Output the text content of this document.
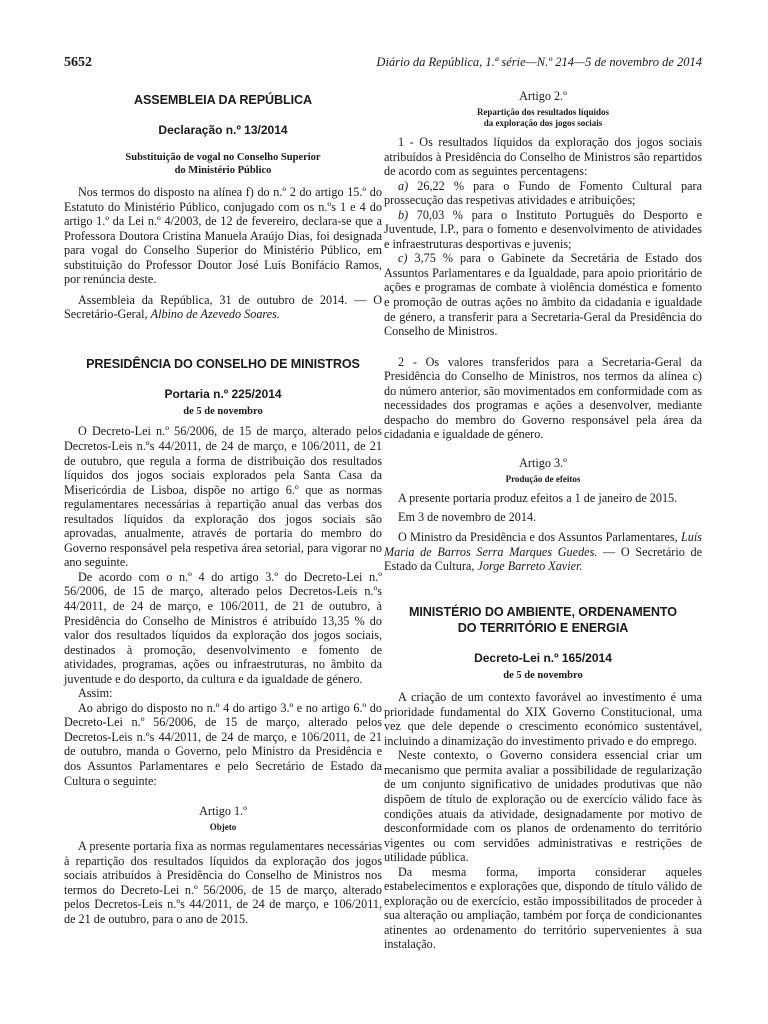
5652	Diário da República, 1.ª série—N.º 214—5 de novembro de 2014
ASSEMBLEIA DA REPÚBLICA
Declaração n.º 13/2014
Substituição de vogal no Conselho Superior
do Ministério Público

Nos termos do disposto na alínea f) do n.º 2 do artigo 15.º do Estatuto do Ministério Público, conjugado com os n.ºs 1 e 4 do artigo 1.º da Lei n.º 4/2003, de 12 de fevereiro, declara-se que a Professora Doutora Cristina Manuela Araújo Dias, foi designada para vogal do Conselho Superior do Ministério Público, em substituição do Professor Doutor José Luís Bonifácio Ramos, por renúncia deste.

Assembleia da República, 31 de outubro de 2014. — O Secretário-Geral, Albino de Azevedo Soares.

PRESIDÊNCIA DO CONSELHO DE MINISTROS
Portaria n.º 225/2014
de 5 de novembro

O Decreto-Lei n.º 56/2006, de 15 de março, alterado pelos Decretos-Leis n.ºs 44/2011, de 24 de março, e 106/2011, de 21 de outubro, que regula a forma de distribuição dos resultados líquidos dos jogos sociais explorados pela Santa Casa da Misericórdia de Lisboa, dispõe no artigo 6.º que as normas regulamentares necessárias à repartição anual das verbas dos resultados líquidos da exploração dos jogos sociais são aprovadas, anualmente, através de portaria do membro do Governo responsável pela respetiva área setorial, para vigorar no ano seguinte.

De acordo com o n.º 4 do artigo 3.º do Decreto-Lei n.º 56/2006, de 15 de março, alterado pelos Decretos-Leis n.ºs 44/2011, de 24 de março, e 106/2011, de 21 de outubro, à Presidência do Conselho de Ministros é atribuído 13,35 % do valor dos resultados líquidos da exploração dos jogos sociais, destinados à promoção, desenvolvimento e fomento de atividades, programas, ações ou infraestruturas, no âmbito da juventude e do desporto, da cultura e da igualdade de género.

Assim:

Ao abrigo do disposto no n.º 4 do artigo 3.º e no artigo 6.º do Decreto-Lei n.º 56/2006, de 15 de março, alterado pelos Decretos-Leis n.ºs 44/2011, de 24 de março, e 106/2011, de 21 de outubro, manda o Governo, pelo Ministro da Presidência e dos Assuntos Parlamentares e pelo Secretário de Estado da Cultura o seguinte:

Artigo 1.º
Objeto

A presente portaria fixa as normas regulamentares necessárias à repartição dos resultados líquidos da exploração dos jogos sociais atribuídos à Presidência do Conselho de Ministros nos termos do Decreto-Lei n.º 56/2006, de 15 de março, alterado pelos Decretos-Leis n.ºs 44/2011, de 24 de março, e 106/2011, de 21 de outubro, para o ano de 2015.

Artigo 2.º
Repartição dos resultados líquidos
da exploração dos jogos sociais

1 - Os resultados líquidos da exploração dos jogos sociais atribuídos à Presidência do Conselho de Ministros são repartidos de acordo com as seguintes percentagens:

a) 26,22 % para o Fundo de Fomento Cultural para prossecução das respetivas atividades e atribuições;

b) 70,03 % para o Instituto Português do Desporto e Juventude, I.P., para o fomento e desenvolvimento de atividades e infraestruturas desportivas e juvenis;

c) 3,75 % para o Gabinete da Secretária de Estado dos Assuntos Parlamentares e da Igualdade, para apoio prioritário de ações e programas de combate à violência doméstica e fomento e promoção de outras ações no âmbito da cidadania e igualdade de género, a transferir para a Secretaria-Geral da Presidência do Conselho de Ministros.

2 - Os valores transferidos para a Secretaria-Geral da Presidência do Conselho de Ministros, nos termos da alínea c) do número anterior, são movimentados em conformidade com as necessidades dos programas e ações a desenvolver, mediante despacho do membro do Governo responsável pela área da cidadania e igualdade de género.

Artigo 3.º
Produção de efeitos

A presente portaria produz efeitos a 1 de janeiro de 2015.

Em 3 de novembro de 2014.

O Ministro da Presidência e dos Assuntos Parlamentares, Luís Maria de Barros Serra Marques Guedes. — O Secretário de Estado da Cultura, Jorge Barreto Xavier.

MINISTÉRIO DO AMBIENTE, ORDENAMENTO
DO TERRITÓRIO E ENERGIA
Decreto-Lei n.º 165/2014
de 5 de novembro

A criação de um contexto favorável ao investimento é uma prioridade fundamental do XIX Governo Constitucional, uma vez que dele depende o crescimento económico sustentável, incluindo a dinamização do investimento privado e do emprego.

Neste contexto, o Governo considera essencial criar um mecanismo que permita avaliar a possibilidade de regularização de um conjunto significativo de unidades produtivas que não dispõem de título de exploração ou de exercício válido face às condições atuais da atividade, designadamente por motivo de desconformidade com os planos de ordenamento do território vigentes ou com servidões administrativas e restrições de utilidade pública.

Da mesma forma, importa considerar aqueles estabelecimentos e explorações que, dispondo de título válido de exploração ou de exercício, estão impossibilitados de proceder à sua alteração ou ampliação, também por força de condicionantes atinentes ao ordenamento do território supervenientes à sua instalação.
